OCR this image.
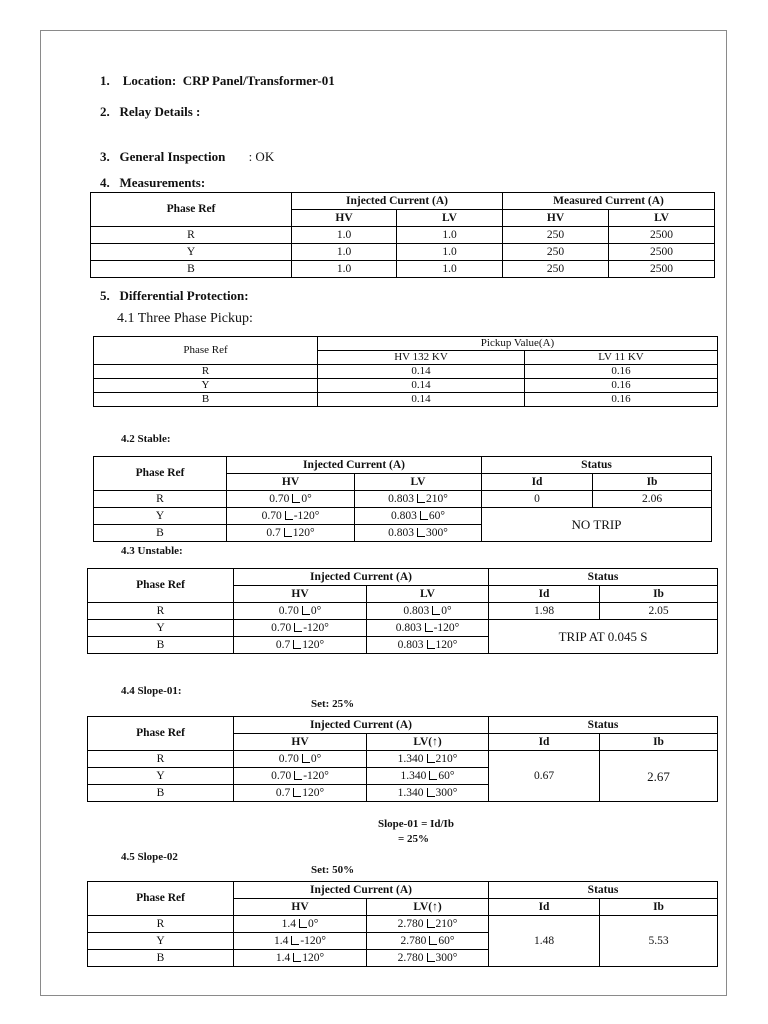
1. Location: CRP Panel/Transformer-01
2. Relay Details :
3. General Inspection : OK
4. Measurements:
Phase Ref	Injected Current (A)		Measured Current (A)	
	HV	LV	HV	LV
R	1.0	1.0	250	2500
Y	1.0	1.0	250	2500
B	1.0	1.0	250	2500
5. Differential Protection:
4.1 Three Phase Pickup:
Phase Ref	Pickup Value(A)	
	HV 132 KV	LV 11 KV
R	0.14	0.16
Y	0.14	0.16
B	0.14	0.16
4.2 Stable:
Phase Ref	Injected Current (A)		Status	
	HV	LV	Id	Ib
R	0.70 0°	0.803 210°	0	2.06
Y	0.70 -120°	0.803 60°	NO TRIP	
B	0.7 120°	0.803 300°		
4.3 Unstable:
Phase Ref	Injected Current (A)		Status	
	HV	LV	Id	Ib
R	0.70 0°	0.803 0°	1.98	2.05
Y	0.70 -120°	0.803 -120°	TRIP AT 0.045 S	
B	0.7 120°	0.803 120°		
4.4 Slope-01:
Set: 25%
Phase Ref	Injected Current (A)		Status	
	HV	LV(↑)	Id	Ib
R	0.70 0°	1.340 210°	0.67	2.67
Y	0.70 -120°	1.340 60°		
B	0.7 120°	1.340 300°		
Slope-01 = Id/Ib
= 25%
4.5 Slope-02
Set: 50%
Phase Ref	Injected Current (A)		Status	
	HV	LV(↑)	Id	Ib
R	1.4 0°	2.780 210°	1.48	5.53
Y	1.4 -120°	2.780 60°		
B	1.4 120°	2.780 300°		
